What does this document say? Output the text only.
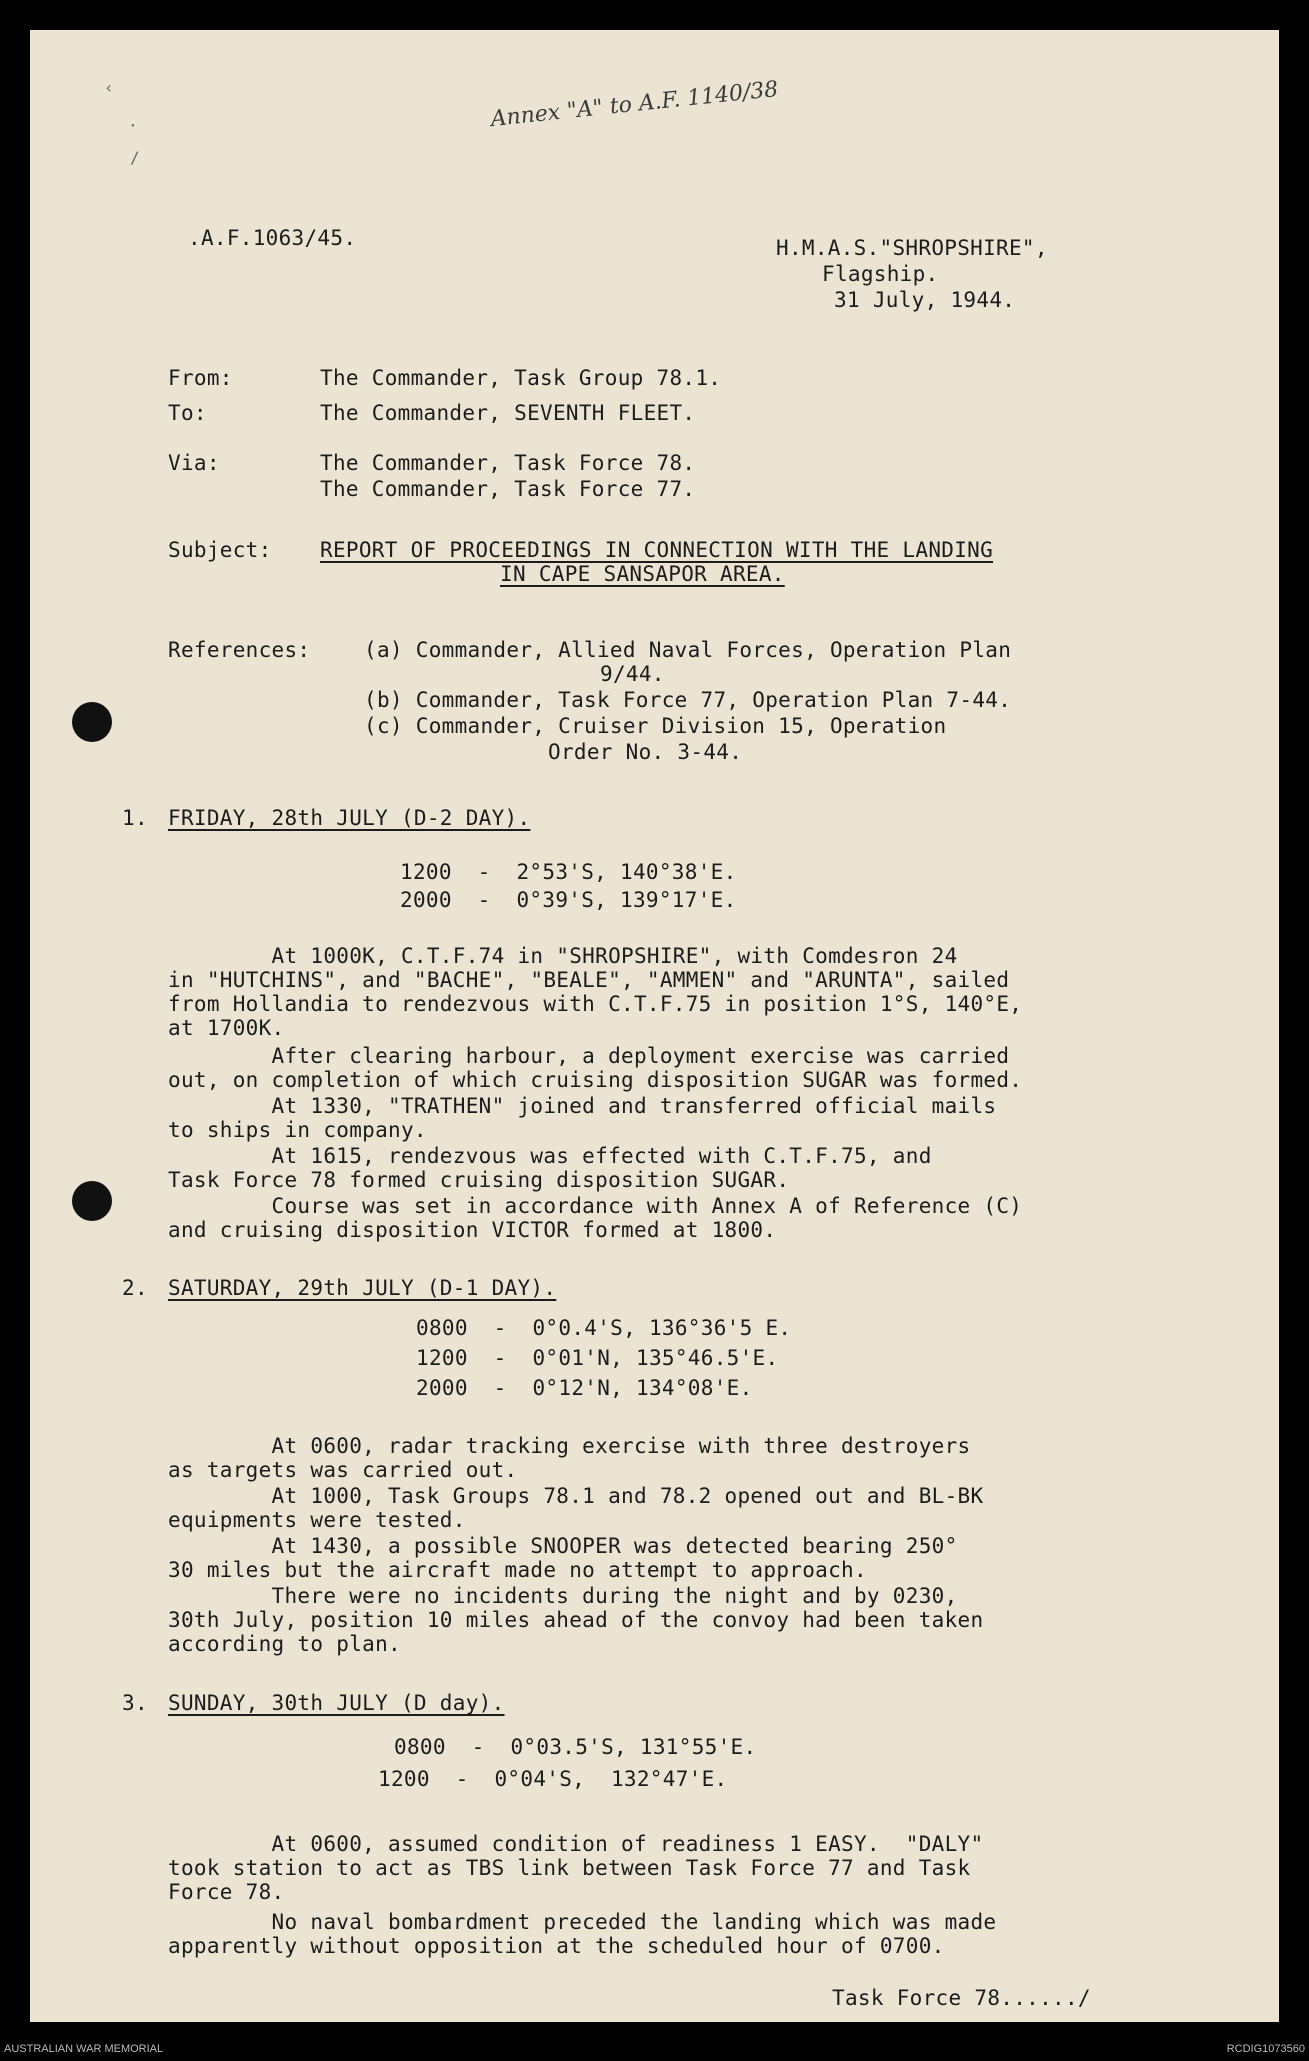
‹
·
/
Annex "A" to A.F. 1140/38
.A.F.1063/45.	H.M.A.S."SHROPSHIRE",
Flagship.
31 July, 1944.
From:	The Commander, Task Group 78.1.
To:	The Commander, SEVENTH FLEET.
Via:	The Commander, Task Force 78.
The Commander, Task Force 77.
Subject: REPORT OF PROCEEDINGS IN CONNECTION WITH THE LANDING
IN CAPE SANSAPOR AREA.
References:	(a) Commander, Allied Naval Forces, Operation Plan
9/44.
(b) Commander, Task Force 77, Operation Plan 7-44.
(c) Commander, Cruiser Division 15, Operation
Order No. 3-44.
1. FRIDAY, 28th JULY (D-2 DAY).
1200  -  2°53'S, 140°38'E.
2000  -  0°39'S, 139°17'E.
At 1000K, C.T.F.74 in "SHROPSHIRE", with Comdesron 24
in "HUTCHINS", and "BACHE", "BEALE", "AMMEN" and "ARUNTA", sailed
from Hollandia to rendezvous with C.T.F.75 in position 1°S, 140°E,
at 1700K.
After clearing harbour, a deployment exercise was carried
out, on completion of which cruising disposition SUGAR was formed.
At 1330, "TRATHEN" joined and transferred official mails
to ships in company.
At 1615, rendezvous was effected with C.T.F.75, and
Task Force 78 formed cruising disposition SUGAR.
Course was set in accordance with Annex A of Reference (C)
and cruising disposition VICTOR formed at 1800.
2. SATURDAY, 29th JULY (D-1 DAY).
0800  -  0°0.4'S, 136°36'5 E.
1200  -  0°01'N, 135°46.5'E.
2000  -  0°12'N, 134°08'E.
At 0600, radar tracking exercise with three destroyers
as targets was carried out.
At 1000, Task Groups 78.1 and 78.2 opened out and BL-BK
equipments were tested.
At 1430, a possible SNOOPER was detected bearing 250°
30 miles but the aircraft made no attempt to approach.
There were no incidents during the night and by 0230,
30th July, position 10 miles ahead of the convoy had been taken
according to plan.
3. SUNDAY, 30th JULY (D day).
0800  -  0°03.5'S, 131°55'E.
1200  -  0°04'S,  132°47'E.
At 0600, assumed condition of readiness 1 EASY.  "DALY"
took station to act as TBS link between Task Force 77 and Task
Force 78.
No naval bombardment preceded the landing which was made
apparently without opposition at the scheduled hour of 0700.
Task Force 78....../
AUSTRALIAN WAR MEMORIAL	RCDIG1073560
